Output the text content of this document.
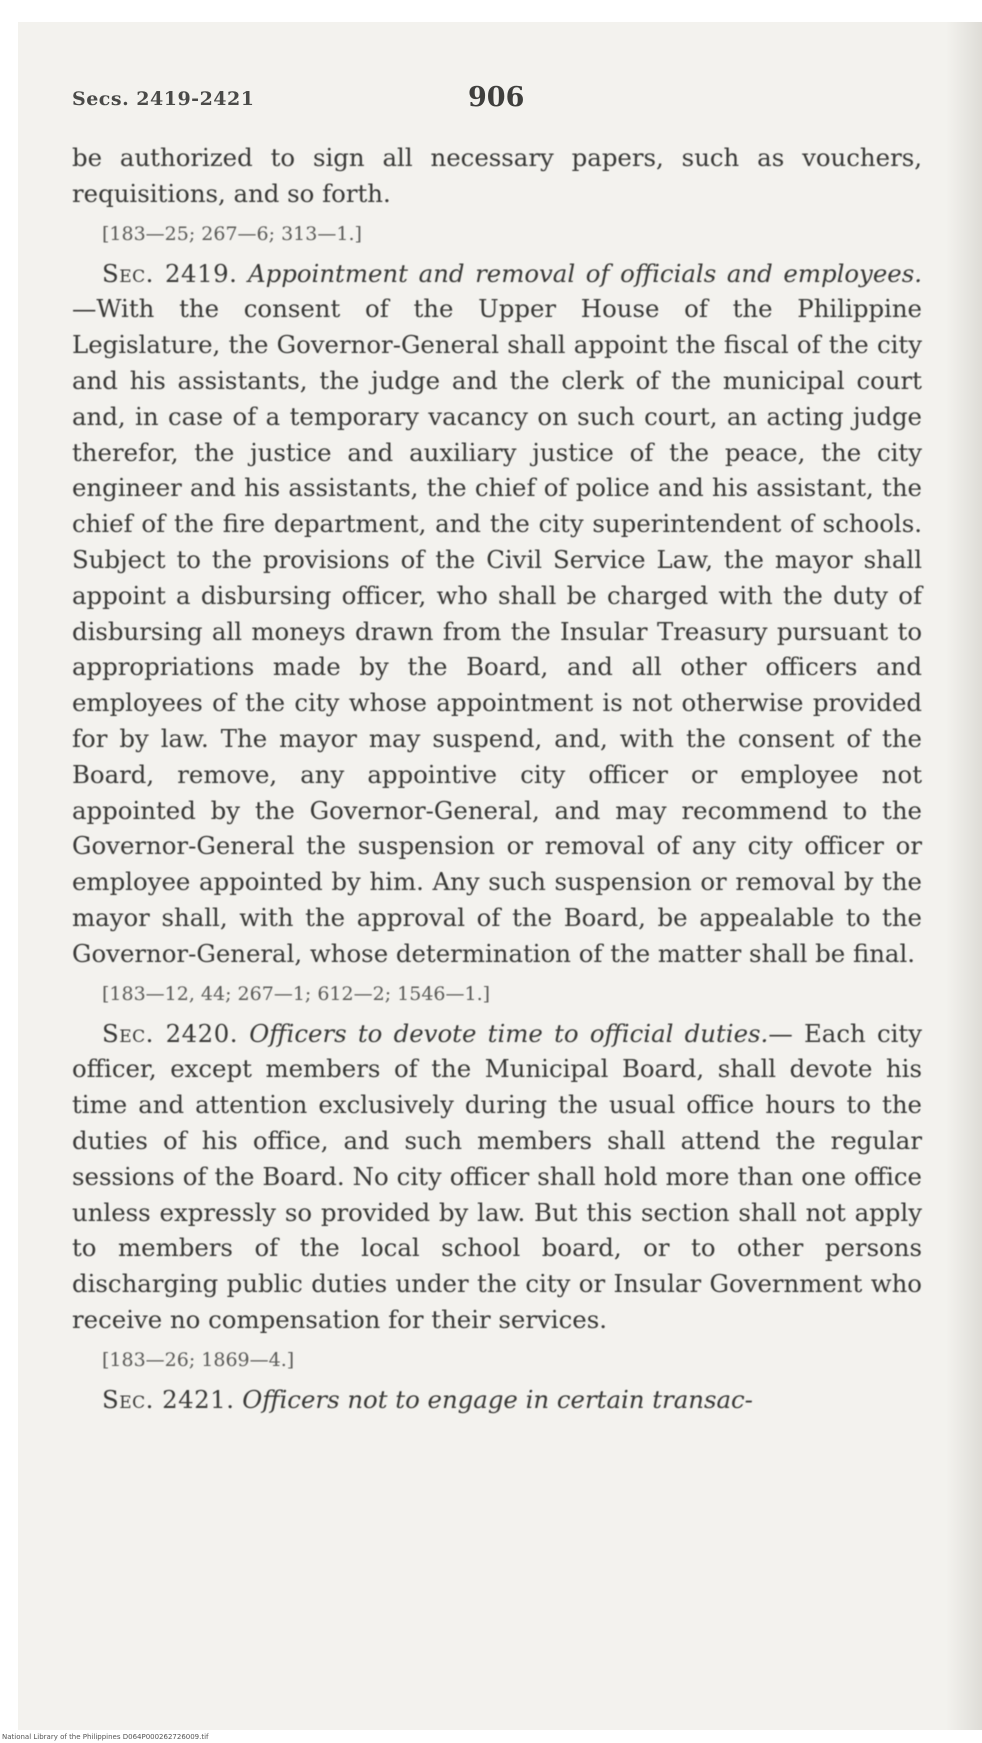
Secs. 2419-2421	906

be authorized to sign all necessary papers, such as vouchers, requisitions, and so forth.

[183—25; 267—6; 313—1.]

Sec. 2419. Appointment and removal of officials and employees.—With the consent of the Upper House of the Philippine Legislature, the Governor-General shall appoint the fiscal of the city and his assistants, the judge and the clerk of the municipal court and, in case of a temporary vacancy on such court, an acting judge therefor, the justice and auxiliary justice of the peace, the city engineer and his assistants, the chief of police and his assistant, the chief of the fire department, and the city superintendent of schools. Subject to the provisions of the Civil Service Law, the mayor shall appoint a disbursing officer, who shall be charged with the duty of disbursing all moneys drawn from the Insular Treasury pursuant to appropriations made by the Board, and all other officers and employees of the city whose appointment is not otherwise provided for by law. The mayor may suspend, and, with the consent of the Board, remove, any appointive city officer or employee not appointed by the Governor-General, and may recommend to the Governor-General the suspension or removal of any city officer or employee appointed by him. Any such suspension or removal by the mayor shall, with the approval of the Board, be appealable to the Governor-General, whose determination of the matter shall be final.

[183—12, 44; 267—1; 612—2; 1546—1.]

Sec. 2420. Officers to devote time to official duties.— Each city officer, except members of the Municipal Board, shall devote his time and attention exclusively during the usual office hours to the duties of his office, and such members shall attend the regular sessions of the Board. No city officer shall hold more than one office unless expressly so provided by law. But this section shall not apply to members of the local school board, or to other persons discharging public duties under the city or Insular Government who receive no compensation for their services.

[183—26; 1869—4.]

Sec. 2421. Officers not to engage in certain transac-

National Library of the Philippines D064P000262726009.tif
